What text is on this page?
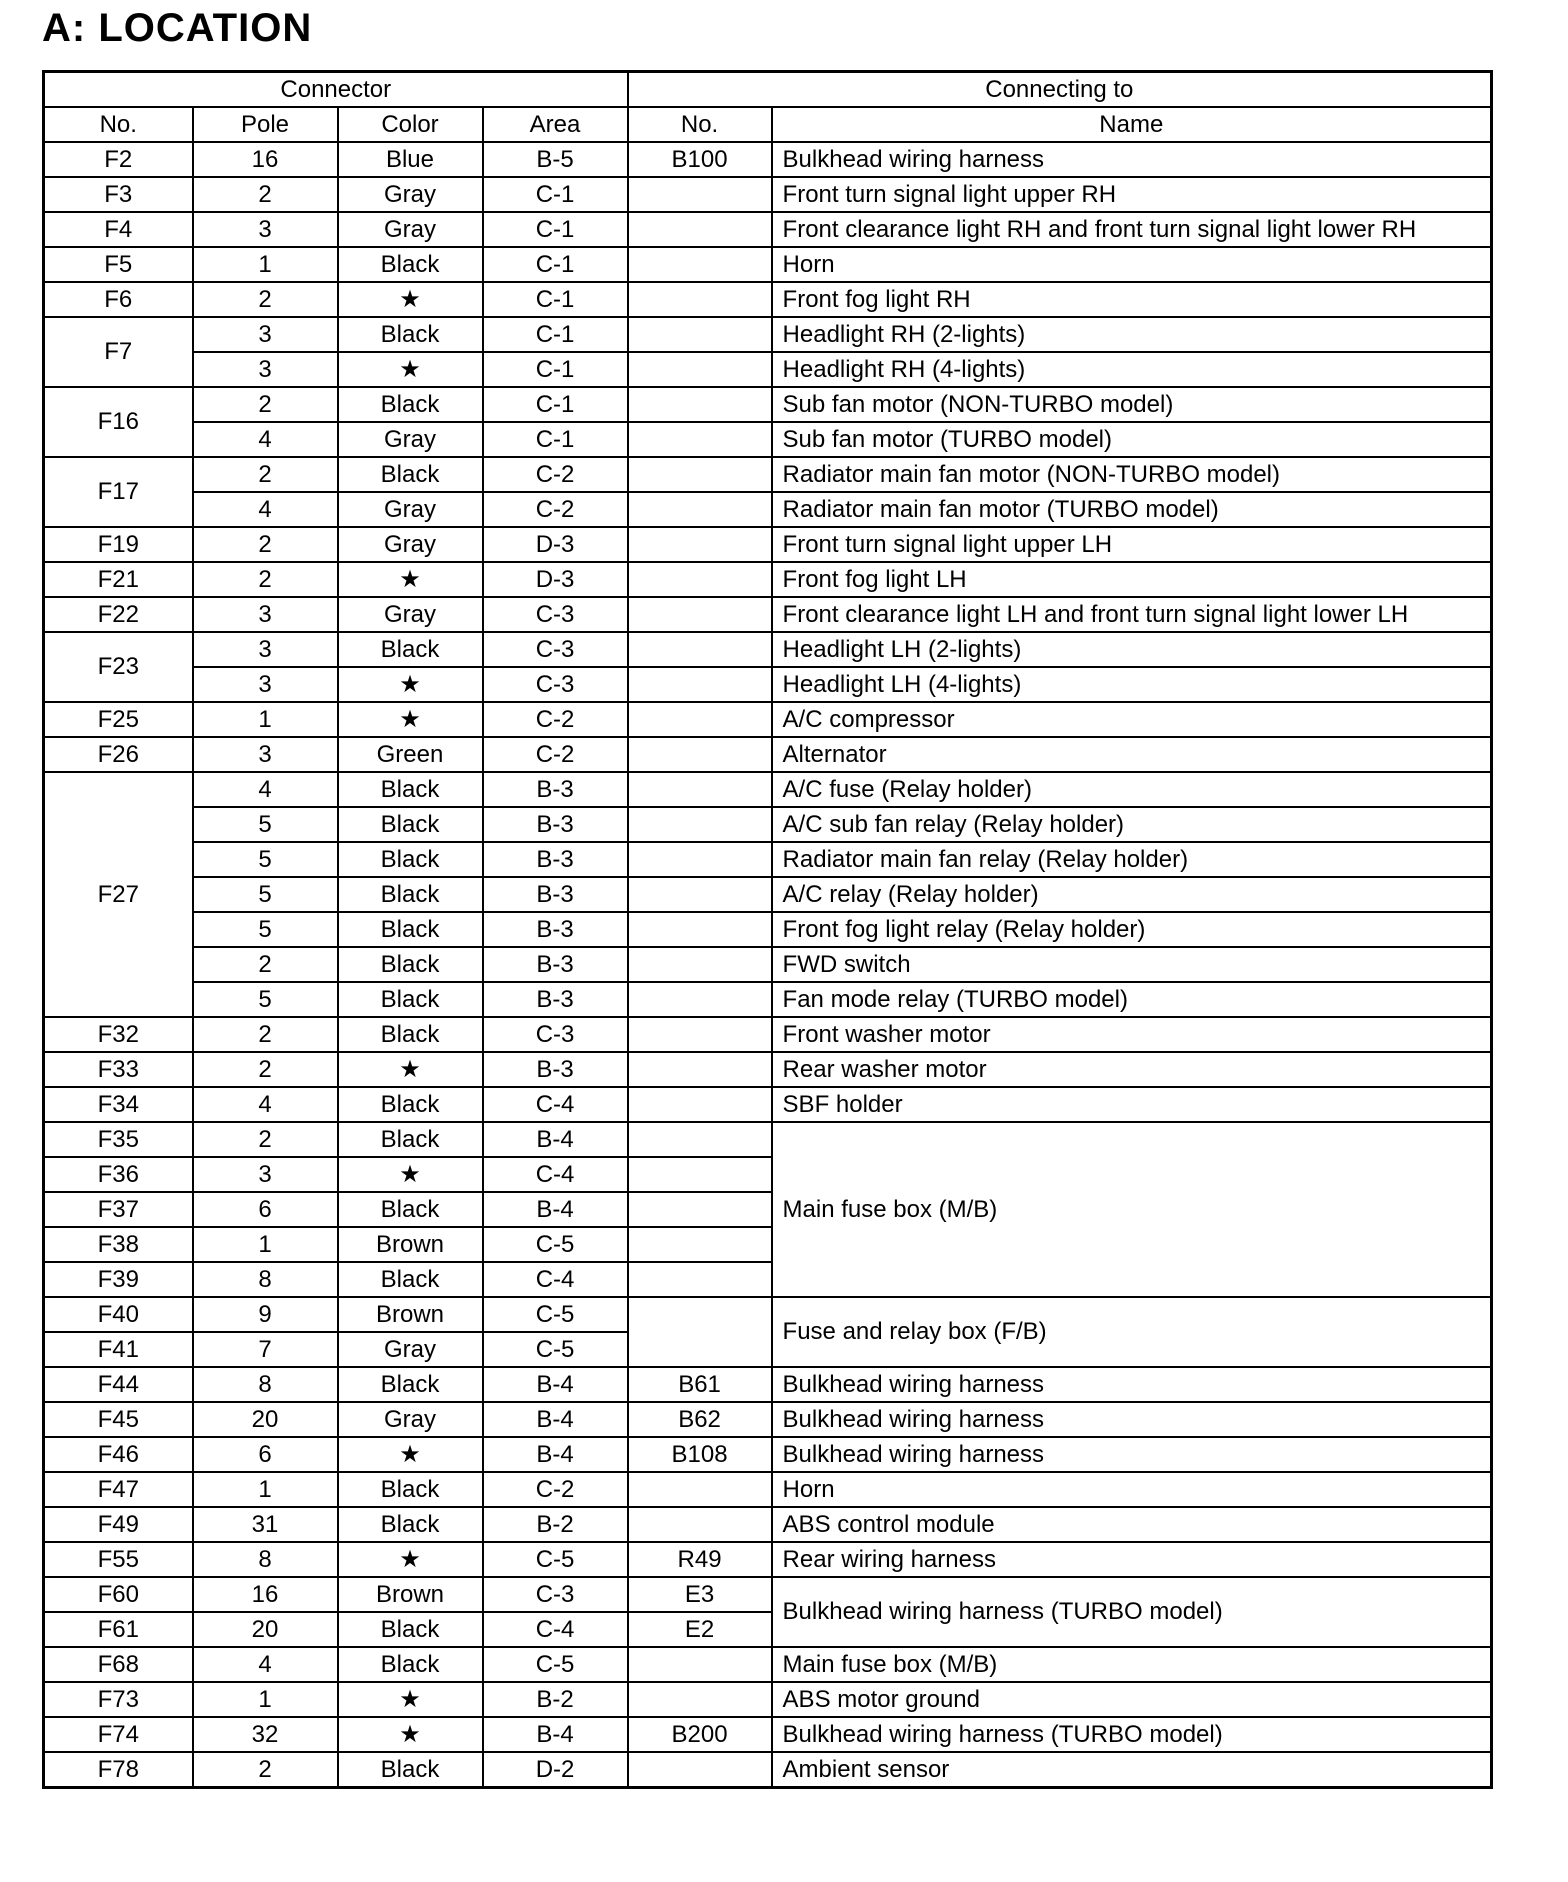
A: LOCATION
Connector				Connecting to	
No.	Pole	Color	Area	No.	Name
F2	16	Blue	B-5	B100	Bulkhead wiring harness
F3	2	Gray	C-1		Front turn signal light upper RH
F4	3	Gray	C-1		Front clearance light RH and front turn signal light lower RH
F5	1	Black	C-1		Horn
F6	2	★	C-1		Front fog light RH
F7	3	Black	C-1		Headlight RH (2-lights)
	3	★	C-1		Headlight RH (4-lights)
F16	2	Black	C-1		Sub fan motor (NON-TURBO model)
	4	Gray	C-1		Sub fan motor (TURBO model)
F17	2	Black	C-2		Radiator main fan motor (NON-TURBO model)
	4	Gray	C-2		Radiator main fan motor (TURBO model)
F19	2	Gray	D-3		Front turn signal light upper LH
F21	2	★	D-3		Front fog light LH
F22	3	Gray	C-3		Front clearance light LH and front turn signal light lower LH
F23	3	Black	C-3		Headlight LH (2-lights)
	3	★	C-3		Headlight LH (4-lights)
F25	1	★	C-2		A/C compressor
F26	3	Green	C-2		Alternator
F27	4	Black	B-3		A/C fuse (Relay holder)
	5	Black	B-3		A/C sub fan relay (Relay holder)
	5	Black	B-3		Radiator main fan relay (Relay holder)
	5	Black	B-3		A/C relay (Relay holder)
	5	Black	B-3		Front fog light relay (Relay holder)
	2	Black	B-3		FWD switch
	5	Black	B-3		Fan mode relay (TURBO model)
F32	2	Black	C-3		Front washer motor
F33	2	★	B-3		Rear washer motor
F34	4	Black	C-4		SBF holder
F35	2	Black	B-4		Main fuse box (M/B)
F36	3	★	C-4		
F37	6	Black	B-4		
F38	1	Brown	C-5		
F39	8	Black	C-4		
F40	9	Brown	C-5		Fuse and relay box (F/B)
F41	7	Gray	C-5		
F44	8	Black	B-4	B61	Bulkhead wiring harness
F45	20	Gray	B-4	B62	Bulkhead wiring harness
F46	6	★	B-4	B108	Bulkhead wiring harness
F47	1	Black	C-2		Horn
F49	31	Black	B-2		ABS control module
F55	8	★	C-5	R49	Rear wiring harness
F60	16	Brown	C-3	E3	Bulkhead wiring harness (TURBO model)
F61	20	Black	C-4	E2	
F68	4	Black	C-5		Main fuse box (M/B)
F73	1	★	B-2		ABS motor ground
F74	32	★	B-4	B200	Bulkhead wiring harness (TURBO model)
F78	2	Black	D-2		Ambient sensor
